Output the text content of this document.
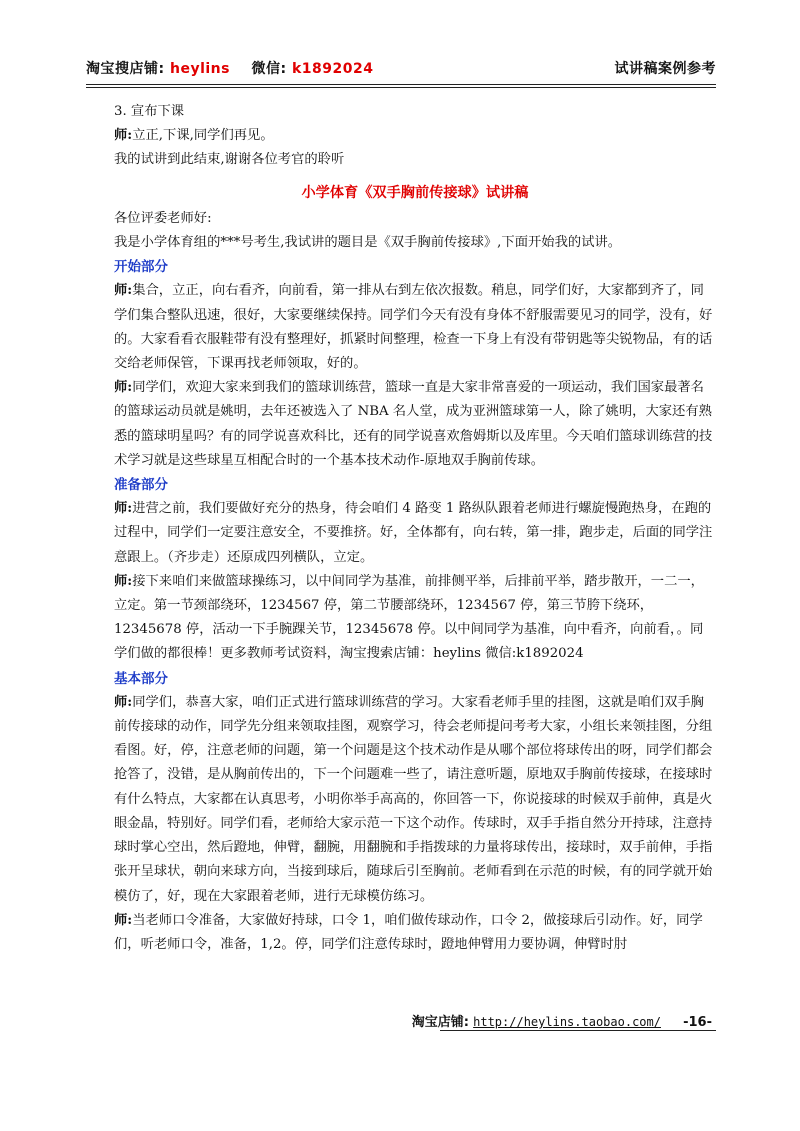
淘宝搜店铺: heylins 微信: k1892024	试讲稿案例参考

3. 宣布下课

师:立正,下课,同学们再见。

我的试讲到此结束,谢谢各位考官的聆听

小学体育《双手胸前传接球》试讲稿

各位评委老师好:

我是小学体育组的***号考生,我试讲的题目是《双手胸前传接球》,下面开始我的试讲。

开始部分

师:集合，立正，向右看齐，向前看，第一排从右到左依次报数。稍息，同学们好，大家都到齐了，同学们集合整队迅速，很好，大家要继续保持。同学们今天有没有身体不舒服需要见习的同学，没有，好的。大家看看衣服鞋带有没有整理好，抓紧时间整理，检查一下身上有没有带钥匙等尖锐物品，有的话交给老师保管，下课再找老师领取，好的。

师:同学们，欢迎大家来到我们的篮球训练营，篮球一直是大家非常喜爱的一项运动，我们国家最著名的篮球运动员就是姚明，去年还被选入了 NBA 名人堂，成为亚洲篮球第一人，除了姚明，大家还有熟悉的篮球明星吗？有的同学说喜欢科比，还有的同学说喜欢詹姆斯以及库里。今天咱们篮球训练营的技术学习就是这些球星互相配合时的一个基本技术动作-原地双手胸前传球。

准备部分

师:进营之前，我们要做好充分的热身，待会咱们 4 路变 1 路纵队跟着老师进行螺旋慢跑热身，在跑的过程中，同学们一定要注意安全，不要推挤。好，全体都有，向右转，第一排，跑步走，后面的同学注意跟上。（齐步走）还原成四列横队，立定。

师:接下来咱们来做篮球操练习，以中间同学为基准，前排侧平举，后排前平举，踏步散开，一二一，立定。第一节颈部绕环，1234567 停，第二节腰部绕环，1234567 停，第三节胯下绕环，12345678 停，活动一下手腕踝关节，12345678 停。以中间同学为基准，向中看齐，向前看，。同学们做的都很棒！更多教师考试资料，淘宝搜索店铺：heylins 微信:k1892024

基本部分

师:同学们，恭喜大家，咱们正式进行篮球训练营的学习。大家看老师手里的挂图，这就是咱们双手胸前传接球的动作，同学先分组来领取挂图，观察学习，待会老师提问考考大家，小组长来领挂图，分组看图。好，停，注意老师的问题，第一个问题是这个技术动作是从哪个部位将球传出的呀，同学们都会抢答了，没错，是从胸前传出的，下一个问题难一些了，请注意听题，原地双手胸前传接球，在接球时有什么特点，大家都在认真思考，小明你举手高高的，你回答一下，你说接球的时候双手前伸，真是火眼金晶，特别好。同学们看，老师给大家示范一下这个动作。传球时，双手手指自然分开持球，注意持球时掌心空出，然后蹬地，伸臂，翻腕，用翻腕和手指拨球的力量将球传出，接球时，双手前伸，手指张开呈球状，朝向来球方向，当接到球后，随球后引至胸前。老师看到在示范的时候，有的同学就开始模仿了，好，现在大家跟着老师，进行无球模仿练习。

师:当老师口令准备，大家做好持球，口令 1，咱们做传球动作，口令 2，做接球后引动作。好，同学们，听老师口令，准备，1,2。停，同学们注意传球时，蹬地伸臂用力要协调，伸臂时肘

淘宝店铺: http://heylins.taobao.com/ -16-
